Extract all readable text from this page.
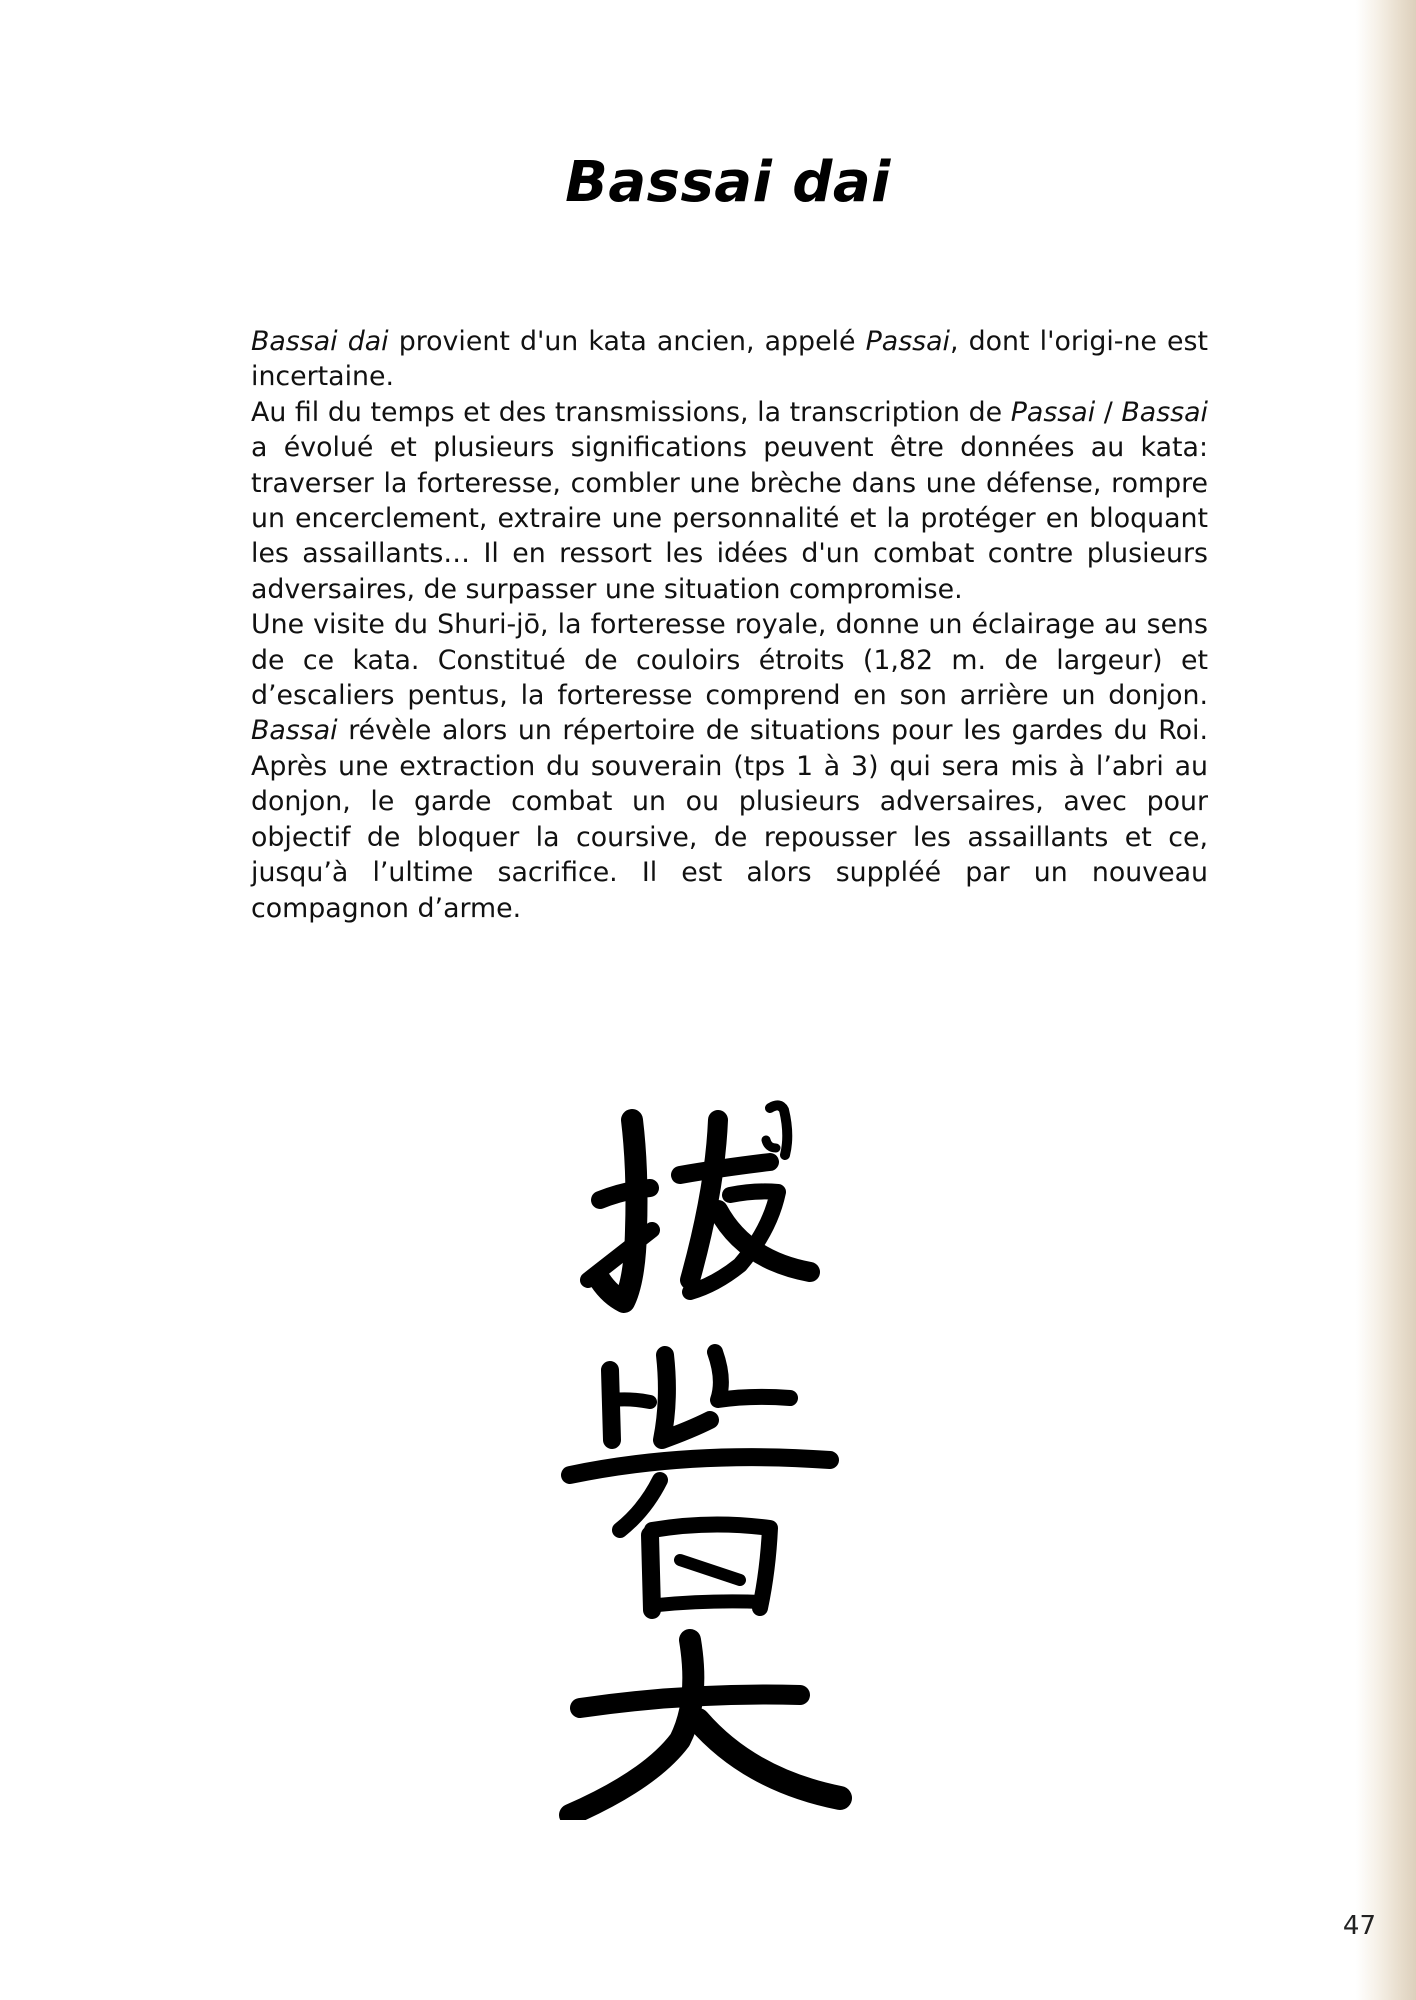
Bassai dai

Bassai dai provient d'un kata ancien, appelé Passai, dont l'origi-ne est incertaine.

Au fil du temps et des transmissions, la transcription de Passai / Bassai a évolué et plusieurs significations peuvent être données au kata: traverser la forteresse, combler une brèche dans une défense, rompre un encerclement, extraire une personnalité et la protéger en bloquant les assaillants… Il en ressort les idées d'un combat contre plusieurs adversaires, de surpasser une situation compromise.

Une visite du Shuri-jō, la forteresse royale, donne un éclairage au sens de ce kata. Constitué de couloirs étroits (1,82 m. de largeur) et d’escaliers pentus, la forteresse comprend en son arrière un donjon. Bassai révèle alors un répertoire de situations pour les gardes du Roi. Après une extraction du souverain (tps 1 à 3) qui sera mis à l’abri au donjon, le garde combat un ou plusieurs adversaires, avec pour objectif de bloquer la coursive, de repousser les assaillants et ce, jusqu’à l’ultime sacrifice. Il est alors suppléé par un nouveau compagnon d’arme.

47
